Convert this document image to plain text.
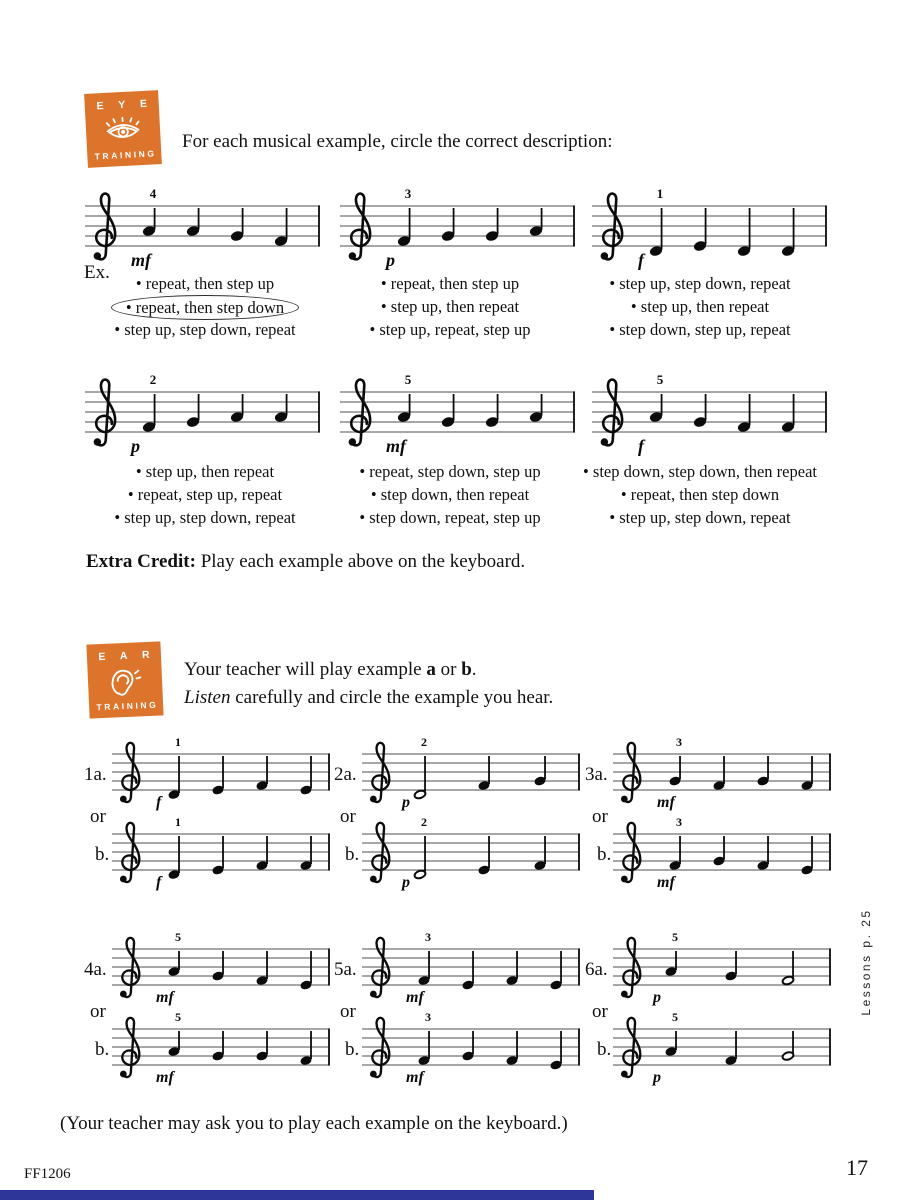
E Y E
TRAINING
For each musical example, circle the correct description:
Ex.
4
mf
3
p
1
f
• repeat, then step up
• repeat, then step down
• step up, step down, repeat
• repeat, then step up
• step up, then repeat
• step up, repeat, step up
• step up, step down, repeat
• step up, then repeat
• step down, step up, repeat
2
p
5
mf
5
f
• step up, then repeat
• repeat, step up, repeat
• step up, step down, repeat
• repeat, step down, step up
• step down, then repeat
• step down, repeat, step up
• step down, step down, then repeat
• repeat, then step down
• step up, step down, repeat
Extra Credit: Play each example above on the keyboard.
E A R
TRAINING
Your teacher will play example a or b.
Listen carefully and circle the example you hear.
1a.
1
f
or
b.
1
f
2a.
2
p
or
b.
2
p
3a.
3
mf
or
b.
3
mf
4a.
5
mf
or
b.
5
mf
5a.
3
mf
or
b.
3
mf
6a.
5
p
or
b.
5
p
(Your teacher may ask you to play each example on the keyboard.)
Lessons p. 25
FF1206	17
